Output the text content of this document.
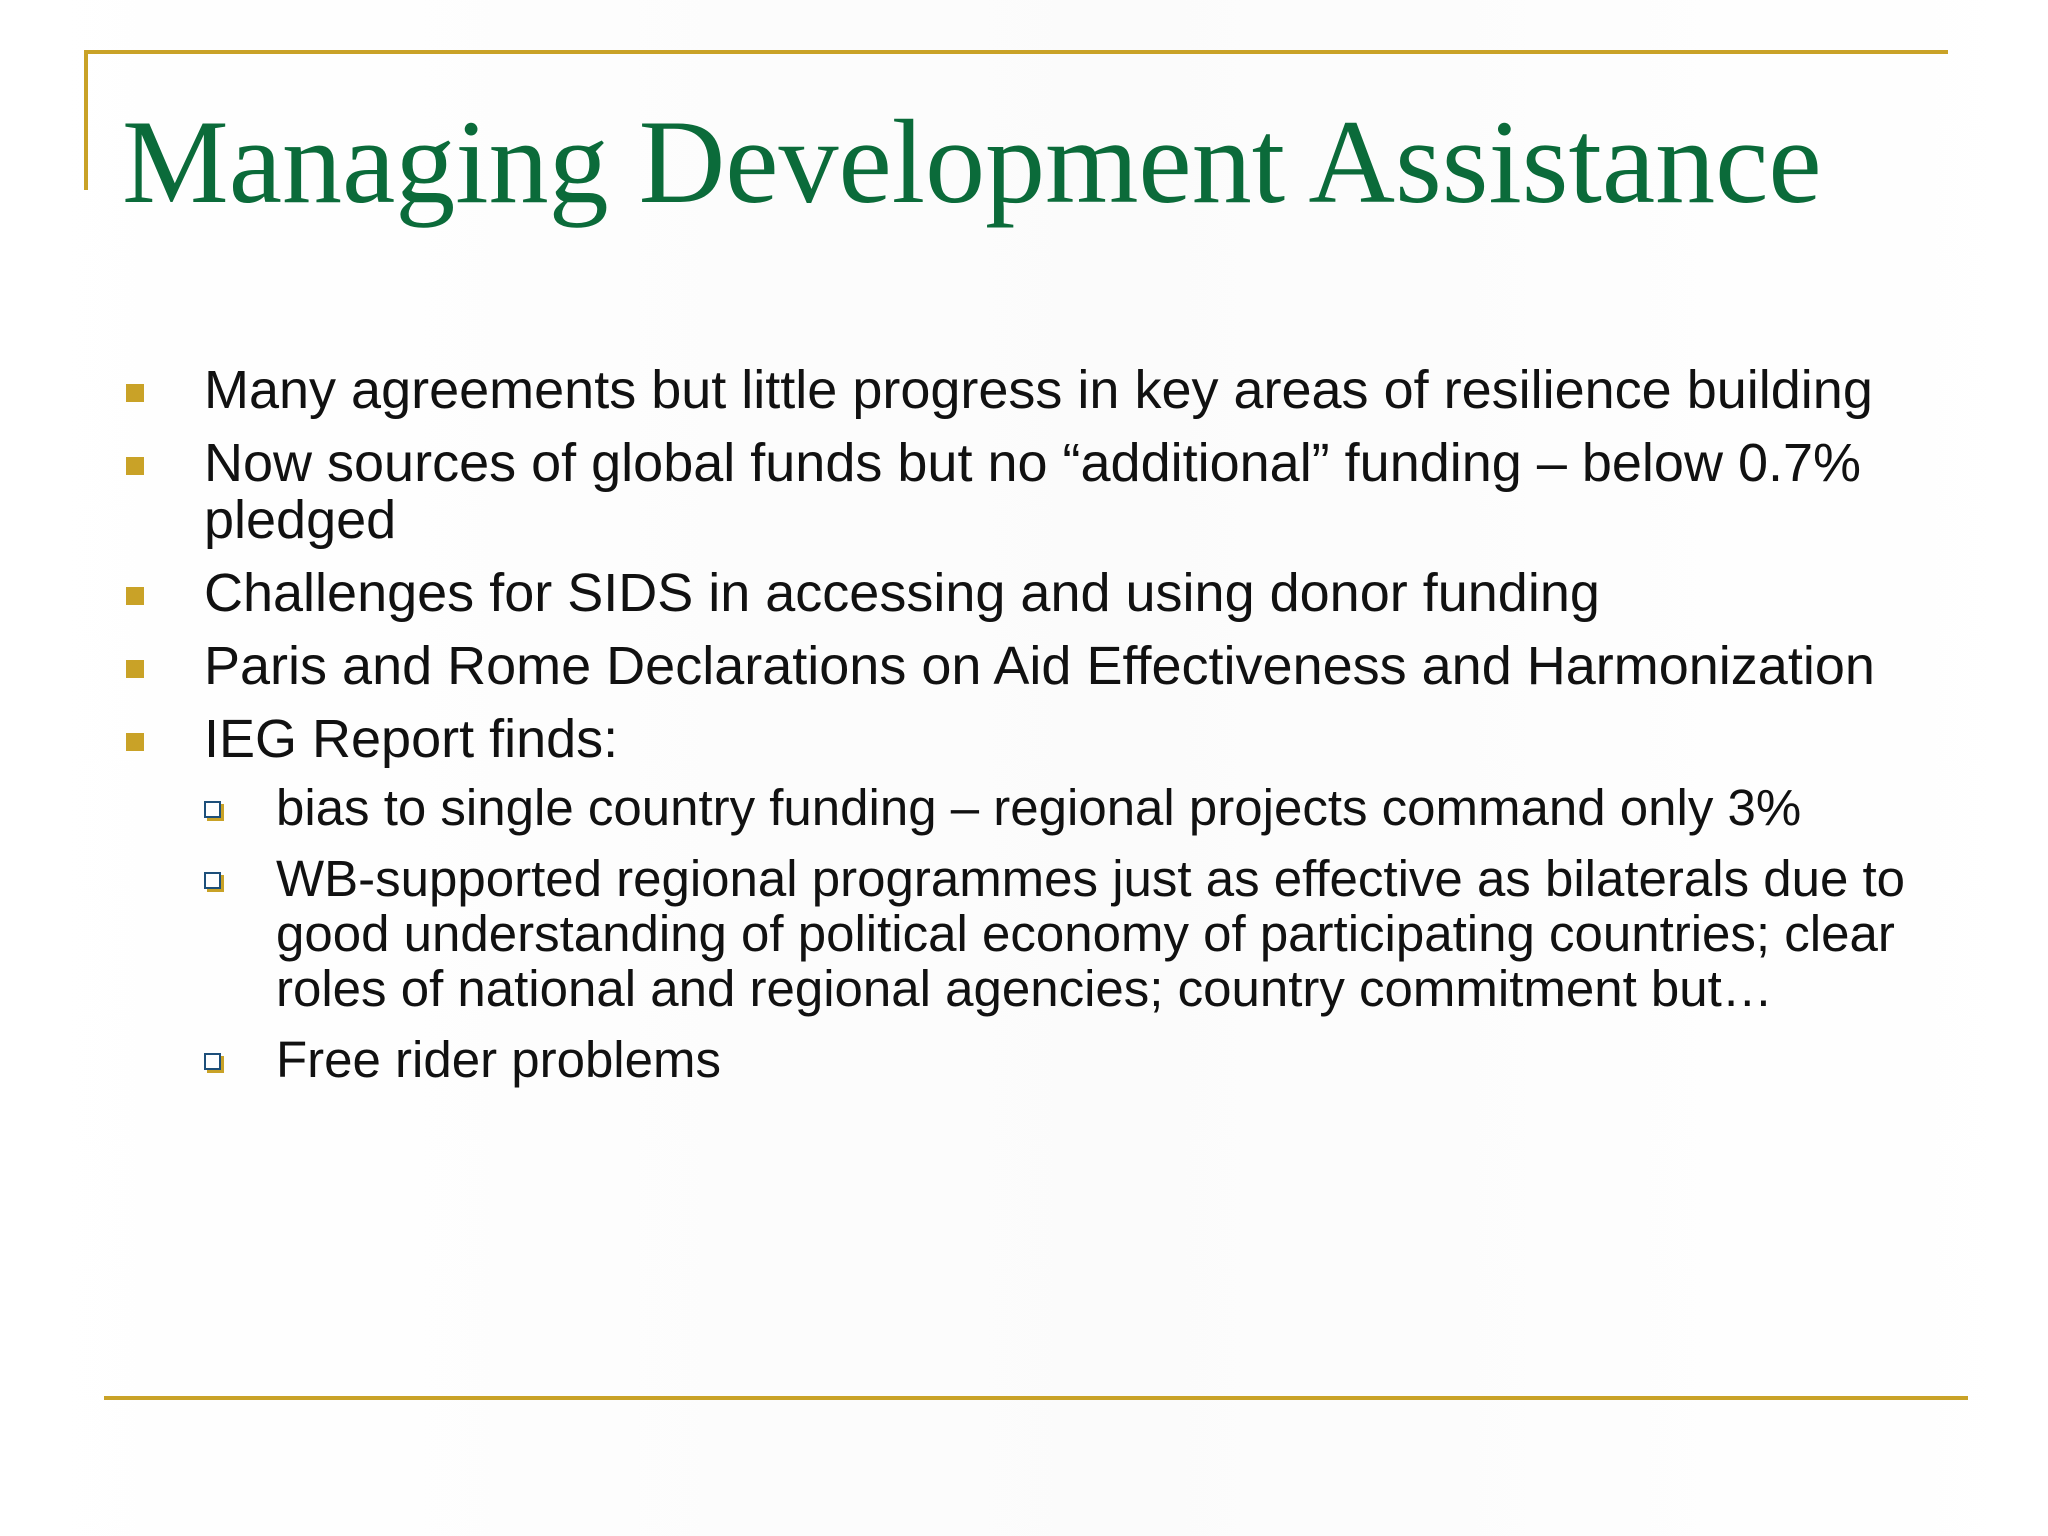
Managing Development Assistance
Many agreements but little progress in key areas of resilience building
Now sources of global funds but no “additional” funding – below 0.7% pledged
Challenges for SIDS in accessing and using donor funding
Paris and Rome Declarations on Aid Effectiveness and Harmonization
IEG Report finds:
bias to single country funding – regional projects command only 3%
WB-supported regional programmes just as effective as bilaterals due to good understanding of political economy of participating countries; clear roles of national and regional agencies; country commitment but…
Free rider problems
